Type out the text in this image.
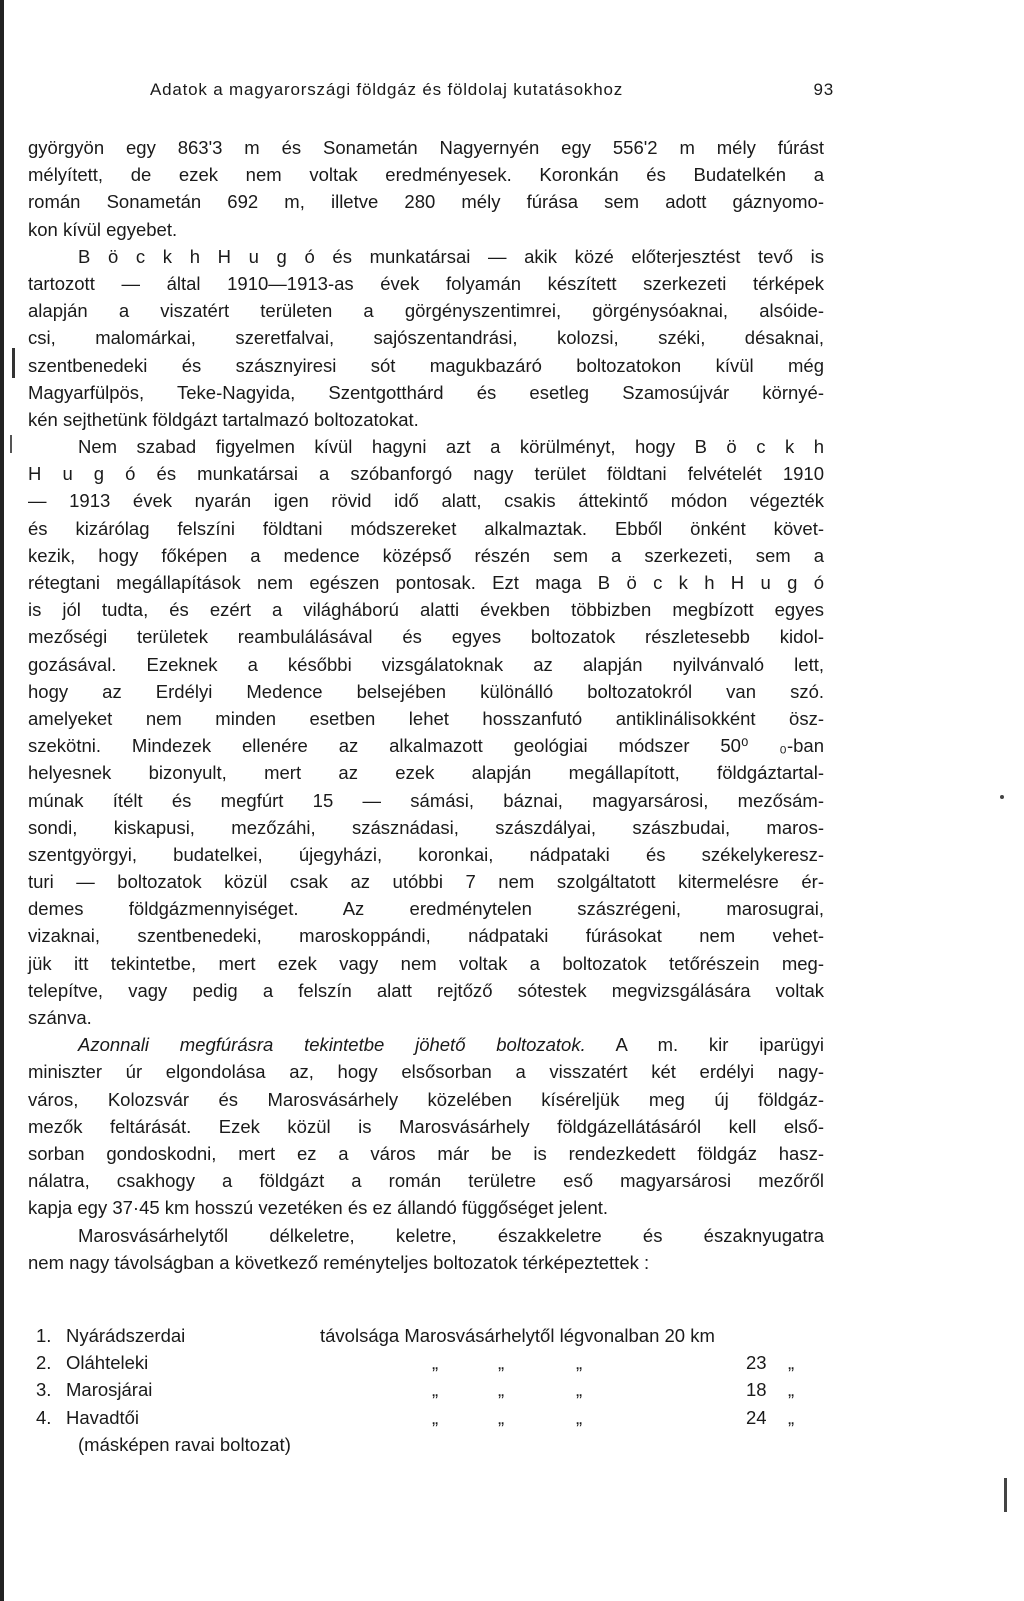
Adatok a magyarországi földgáz és földolaj kutatásokhoz	93
györgyön egy 863'3 m és Sonametán Nagyernyén egy 556'2 m mély fúrást
mélyített, de ezek nem voltak eredményesek. Koronkán és Budatelkén a
román Sonametán 692 m, illetve 280 mély fúrása sem adott gáznyomo-
kon kívül egyebet.
B ö c k h H u g ó és munkatársai — akik közé előterjesztést tevő is
tartozott — által 1910—1913-as évek folyamán készített szerkezeti térképek
alapján a viszatért területen a görgényszentimrei, görgénysóaknai, alsóide-
csi, malomárkai, szeretfalvai, sajószentandrási, kolozsi, széki, désaknai,
szentbenedeki és szásznyiresi sót magukbazáró boltozatokon kívül még
Magyarfülpös, Teke-Nagyida, Szentgotthárd és esetleg Szamosújvár környé-
kén sejthetünk földgázt tartalmazó boltozatokat.
Nem szabad figyelmen kívül hagyni azt a körülményt, hogy B ö c k h
H u g ó és munkatársai a szóbanforgó nagy terület földtani felvételét 1910
— 1913 évek nyarán igen rövid idő alatt, csakis áttekintő módon végezték
és kizárólag felszíni földtani módszereket alkalmaztak. Ebből önként követ-
kezik, hogy főképen a medence középső részén sem a szerkezeti, sem a
rétegtani megállapítások nem egészen pontosak. Ezt maga B ö c k h H u g ó
is jól tudta, és ezért a világháború alatti években többizben megbízott egyes
mezőségi területek reambulálásával és egyes boltozatok részletesebb kidol-
gozásával. Ezeknek a későbbi vizsgálatoknak az alapján nyilvánvaló lett,
hogy az Erdélyi Medence belsejében különálló boltozatokról van szó.
amelyeket nem minden esetben lehet hosszanfutó antiklinálisokként ösz-
szekötni. Mindezek ellenére az alkalmazott geológiai módszer 50⁰ ₀-ban
helyesnek bizonyult, mert az ezek alapján megállapított, földgáztartal-
múnak ítélt és megfúrt 15 — sámási, báznai, magyarsárosi, mezősám-
sondi, kiskapusi, mezőzáhi, szásznádasi, szászdályai, szászbudai, maros-
szentgyörgyi, budatelkei, újegyházi, koronkai, nádpataki és székelykeresz-
turi — boltozatok közül csak az utóbbi 7 nem szolgáltatott kitermelésre ér-
demes földgázmennyiséget. Az eredménytelen szászrégeni, marosugrai,
vizaknai, szentbenedeki, maroskoppándi, nádpataki fúrásokat nem vehet-
jük itt tekintetbe, mert ezek vagy nem voltak a boltozatok tetőrészein meg-
telepítve, vagy pedig a felszín alatt rejtőző sótestek megvizsgálására voltak
szánva.
Azonnali megfúrásra tekintetbe jöhető boltozatok. A m. kir iparügyi
miniszter úr elgondolása az, hogy elsősorban a visszatért két erdélyi nagy-
város, Kolozsvár és Marosvásárhely közelében kíséreljük meg új földgáz-
mezők feltárását. Ezek közül is Marosvásárhely földgázellátásáról kell első-
sorban gondoskodni, mert ez a város már be is rendezkedett földgáz hasz-
nálatra, csakhogy a földgázt a román területre eső magyarsárosi mezőről
kapja egy 37·45 km hosszú vezetéken és ez állandó függőséget jelent.
Marosvásárhelytől délkeletre, keletre, északkeletre és északnyugatra
nem nagy távolságban a következő reményteljes boltozatok térképeztettek :
1. Nyárádszerdai	távolsága Marosvásárhelytől légvonalban 20 km
2. Oláhteleki	„	„	„	23 „
3. Marosjárai	„	„	„	18 „
4. Havadtői	„	„	„	24 „
(másképen ravai boltozat)
